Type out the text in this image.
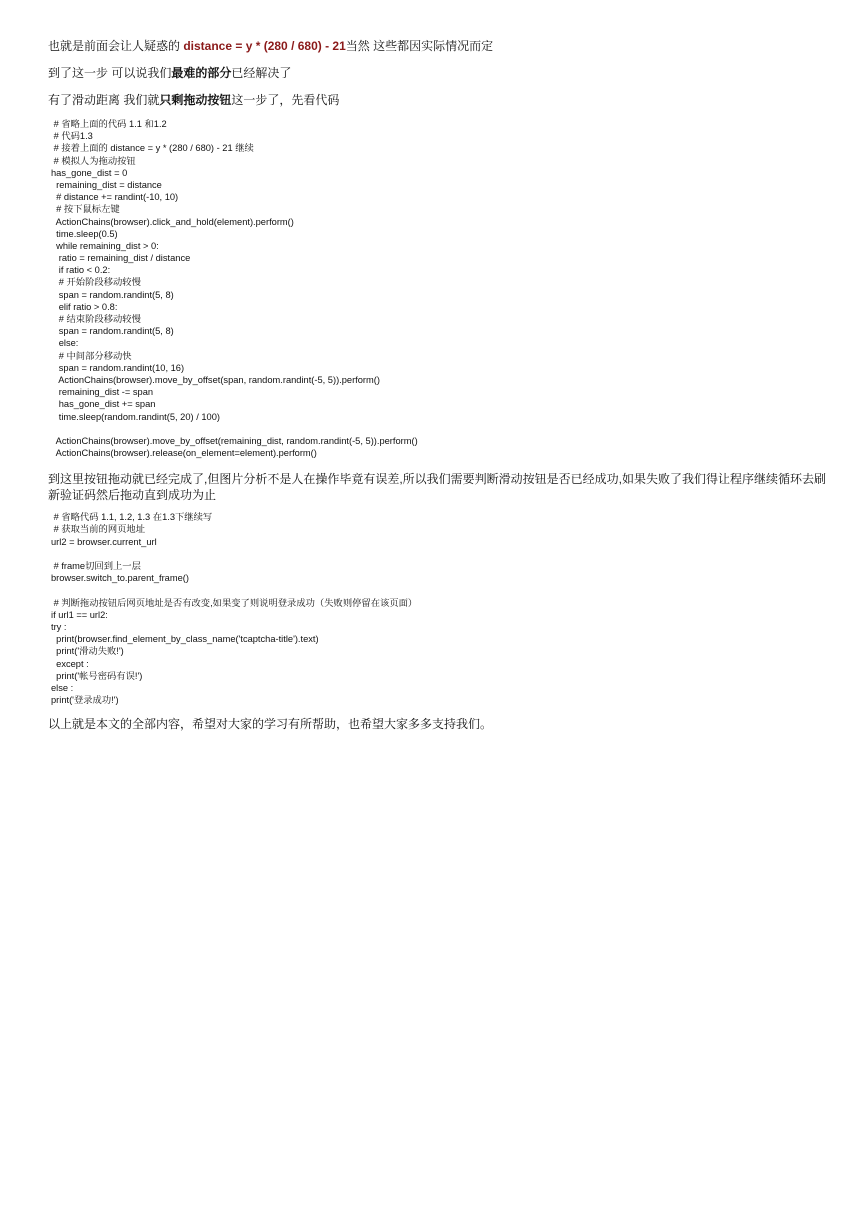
也就是前面会让人疑惑的 distance = y * (280 / 680) - 21当然 这些都因实际情况而定

到了这一步 可以说我们最难的部分已经解决了

有了滑动距离 我们就只剩拖动按钮这一步了，先看代码

# 省略上面的代码 1.1 和1.2
# 代码1.3
# 接着上面的 distance = y * (280 / 680) - 21 继续
# 模拟人为拖动按钮
has_gone_dist = 0
remaining_dist = distance
# distance += randint(-10, 10)
# 按下鼠标左键
ActionChains(browser).click_and_hold(element).perform()
time.sleep(0.5)
while remaining_dist > 0:
ratio = remaining_dist / distance
if ratio < 0.2:
# 开始阶段移动较慢
span = random.randint(5, 8)
elif ratio > 0.8:
# 结束阶段移动较慢
span = random.randint(5, 8)
else:
# 中间部分移动快
span = random.randint(10, 16)
ActionChains(browser).move_by_offset(span, random.randint(-5, 5)).perform()
remaining_dist -= span
has_gone_dist += span
time.sleep(random.randint(5, 20) / 100)
ActionChains(browser).move_by_offset(remaining_dist, random.randint(-5, 5)).perform()
ActionChains(browser).release(on_element=element).perform()

到这里按钮拖动就已经完成了,但图片分析不是人在操作毕竟有误差,所以我们需要判断滑动按钮是否已经成功,如果失败了我们得让程序继续循环去刷新验证码然后拖动直到成功为止

# 省略代码 1.1, 1.2, 1.3 在1.3下继续写
# 获取当前的网页地址
url2 = browser.current_url
# frame切回到上一层
browser.switch_to.parent_frame()
# 判断拖动按钮后网页地址是否有改变,如果变了则说明登录成功（失败则停留在该页面）
if url1 == url2:
try :
print(browser.find_element_by_class_name('tcaptcha-title').text)
print('滑动失败!')
except :
print('帐号密码有误!')
else :
print('登录成功!')

以上就是本文的全部内容，希望对大家的学习有所帮助，也希望大家多多支持我们。
